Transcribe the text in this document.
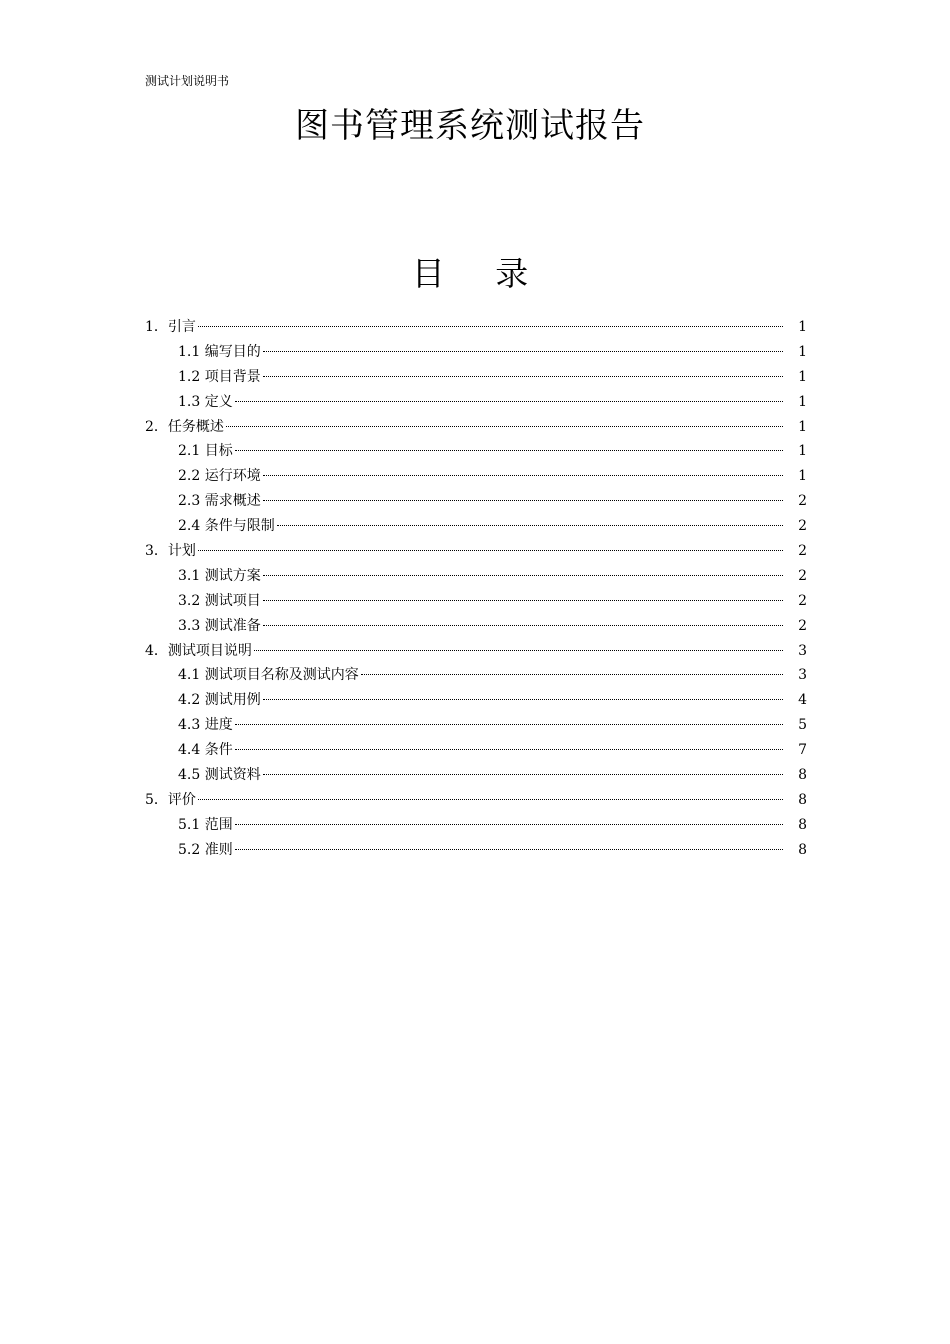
测试计划说明书
图书管理系统测试报告
目 录
1．引言	1
1.1 编写目的	1
1.2 项目背景	1
1.3 定义	1
2．任务概述	1
2.1 目标	1
2.2 运行环境	1
2.3 需求概述	2
2.4 条件与限制	2
3．计划	2
3.1 测试方案	2
3.2 测试项目	2
3.3 测试准备	2
4．测试项目说明	3
4.1 测试项目名称及测试内容	3
4.2 测试用例	4
4.3 进度	5
4.4 条件	7
4.5 测试资料	8
5．评价	8
5.1 范围	8
5.2 准则	8
